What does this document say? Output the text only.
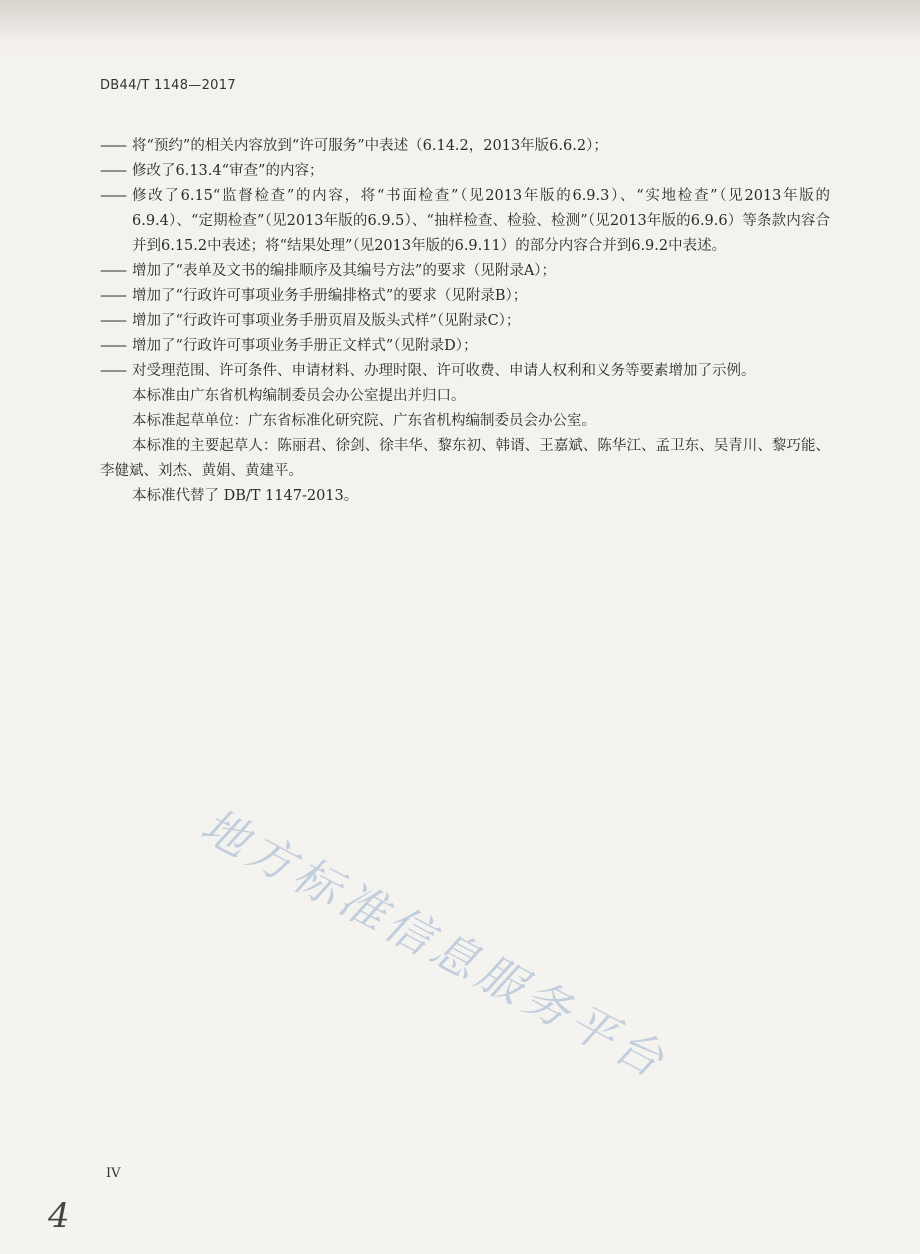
DB44/T 1148—2017
—— 将“预约”的相关内容放到“许可服务”中表述（6.14.2，2013年版6.6.2）；
—— 修改了6.13.4“审查”的内容；
—— 修改了6.15“监督检查”的内容，将“书面检查”（见2013年版的6.9.3）、“实地检查”（见2013年版的6.9.4）、“定期检查”（见2013年版的6.9.5）、“抽样检查、检验、检测”（见2013年版的6.9.6）等条款内容合并到6.15.2中表述；将“结果处理”（见2013年版的6.9.11）的部分内容合并到6.9.2中表述。
—— 增加了“表单及文书的编排顺序及其编号方法”的要求（见附录A）；
—— 增加了“行政许可事项业务手册编排格式”的要求（见附录B）；
—— 增加了“行政许可事项业务手册页眉及版头式样”（见附录C）；
—— 增加了“行政许可事项业务手册正文样式”（见附录D）；
—— 对受理范围、许可条件、申请材料、办理时限、许可收费、申请人权利和义务等要素增加了示例。

本标准由广东省机构编制委员会办公室提出并归口。

本标准起草单位：广东省标准化研究院、广东省机构编制委员会办公室。

本标准的主要起草人：陈丽君、徐剑、徐丰华、黎东初、韩谞、王嘉斌、陈华江、孟卫东、吴青川、黎巧能、李健斌、刘杰、黄娟、黄建平。

本标准代替了 DB/T 1147-2013。

地方标准信息服务平台
IV
4
